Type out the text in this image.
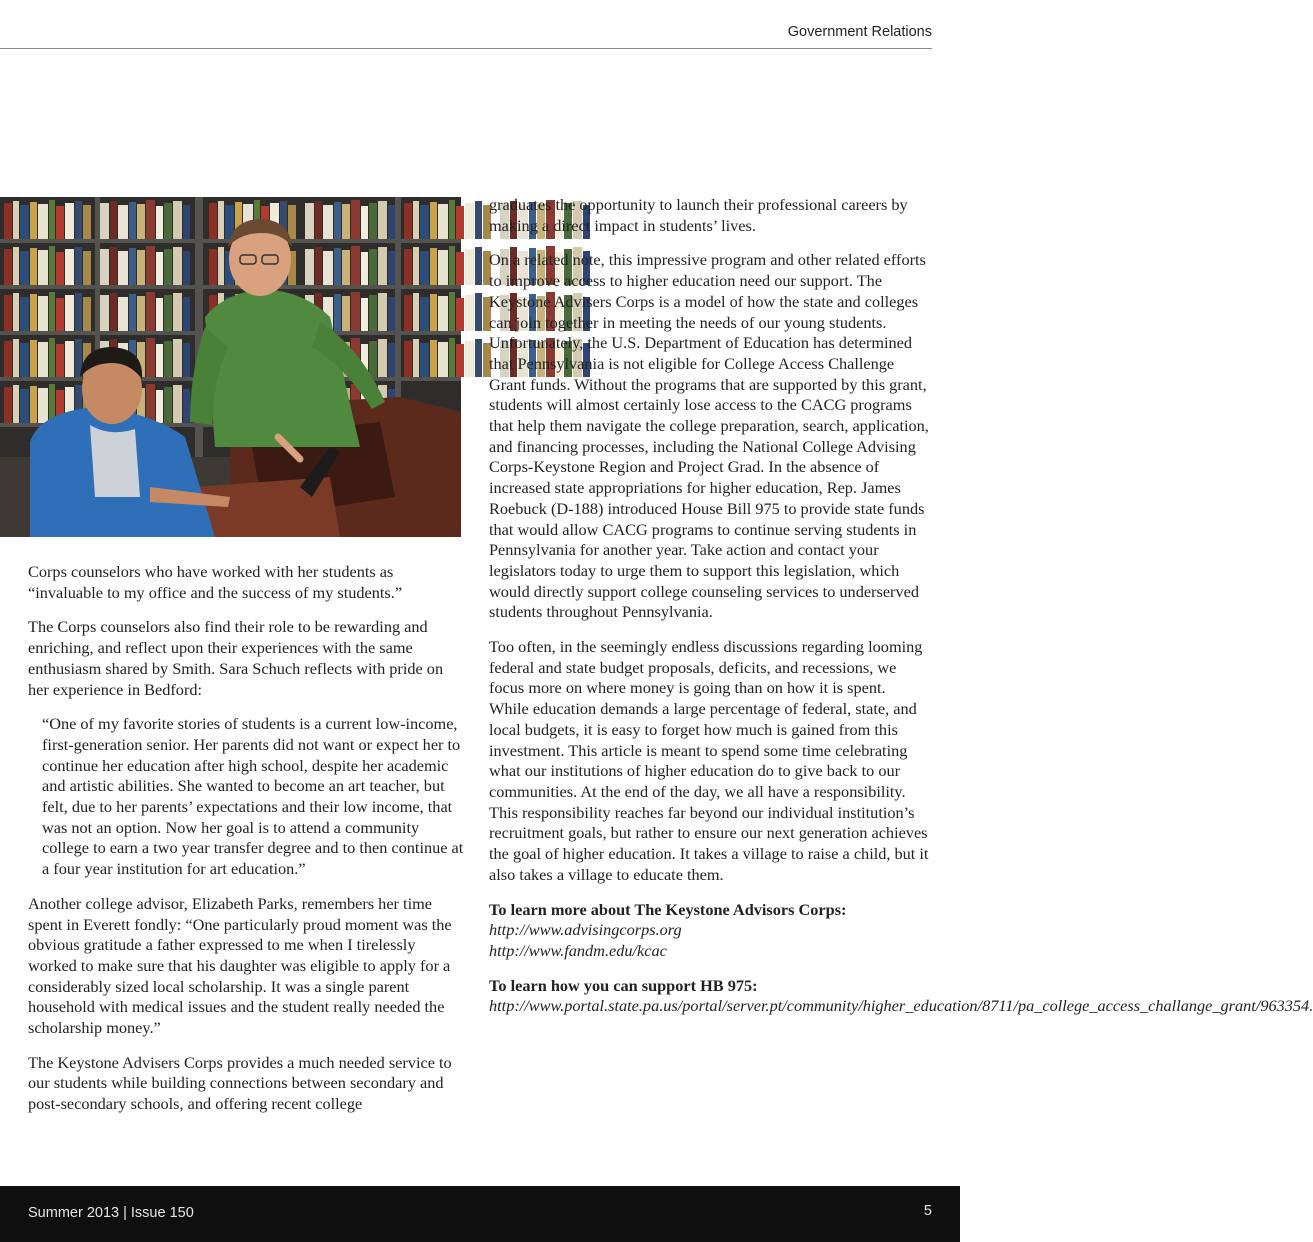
Government Relations

Corps counselors who have worked with her students as “invaluable to my office and the success of my students.”

The Corps counselors also find their role to be rewarding and enriching, and reflect upon their experiences with the same enthusiasm shared by Smith. Sara Schuch reflects with pride on her experience in Bedford:

“One of my favorite stories of students is a current low-income, first-generation senior. Her parents did not want or expect her to continue her education after high school, despite her academic and artistic abilities. She wanted to become an art teacher, but felt, due to her parents’ expectations and their low income, that was not an option. Now her goal is to attend a community college to earn a two year transfer degree and to then continue at a four year institution for art education.”

Another college advisor, Elizabeth Parks, remembers her time spent in Everett fondly: “One particularly proud moment was the obvious gratitude a father expressed to me when I tirelessly worked to make sure that his daughter was eligible to apply for a considerably sized local scholarship. It was a single parent household with medical issues and the student really needed the scholarship money.”

The Keystone Advisers Corps provides a much needed service to our students while building connections between secondary and post-secondary schools, and offering recent college

graduates the opportunity to launch their professional careers by making a direct impact in students’ lives.

On a related note, this impressive program and other related efforts to improve access to higher education need our support. The Keystone Advisers Corps is a model of how the state and colleges can join together in meeting the needs of our young students. Unfortunately, the U.S. Department of Education has determined that Pennsylvania is not eligible for College Access Challenge Grant funds. Without the programs that are supported by this grant, students will almost certainly lose access to the CACG programs that help them navigate the college preparation, search, application, and financing processes, including the National College Advising Corps-Keystone Region and Project Grad. In the absence of increased state appropriations for higher education, Rep. James Roebuck (D-188) introduced House Bill 975 to provide state funds that would allow CACG programs to continue serving students in Pennsylvania for another year. Take action and contact your legislators today to urge them to support this legislation, which would directly support college counseling services to underserved students throughout Pennsylvania.

Too often, in the seemingly endless discussions regarding looming federal and state budget proposals, deficits, and recessions, we focus more on where money is going than on how it is spent. While education demands a large percentage of federal, state, and local budgets, it is easy to forget how much is gained from this investment. This article is meant to spend some time celebrating what our institutions of higher education do to give back to our communities. At the end of the day, we all have a responsibility. This responsibility reaches far beyond our individual institution’s recruitment goals, but rather to ensure our next generation achieves the goal of higher education. It takes a village to raise a child, but it also takes a village to educate them.

To learn more about The Keystone Advisors Corps:

http://www.advisingcorps.org
http://www.fandm.edu/kcac

To learn how you can support HB 975:

http://www.portal.state.pa.us/portal/server.pt/community/higher_education/8711/pa_college_access_challange_grant/963354.
Summer 2013 | Issue 150	5
